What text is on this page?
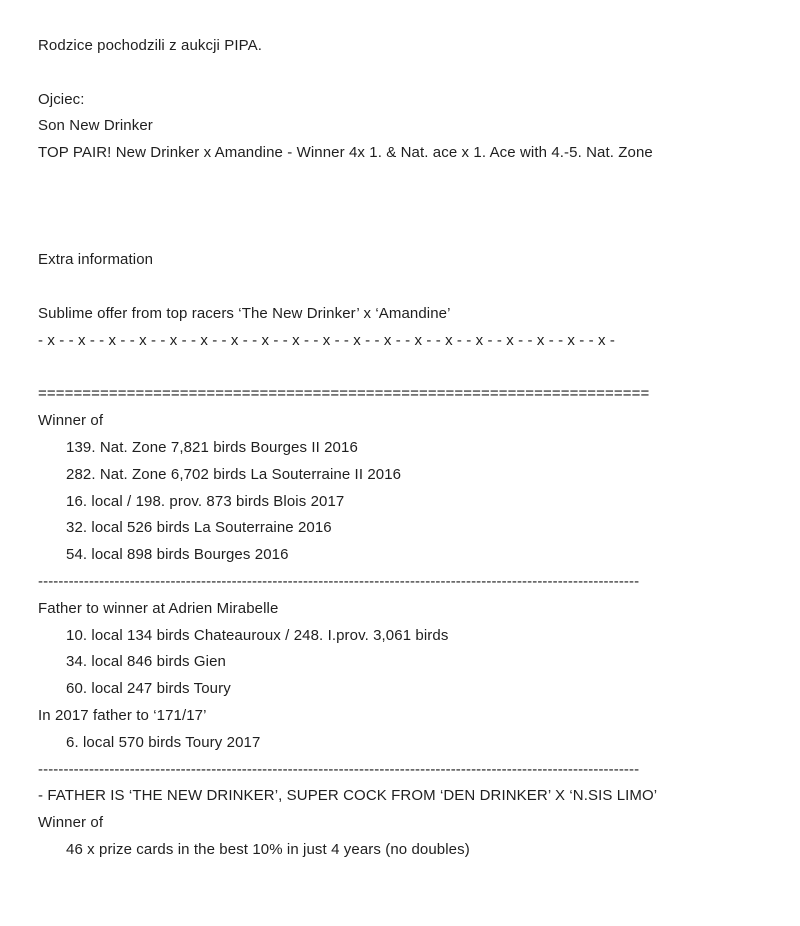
Rodzice pochodzili z aukcji PIPA.

Ojciec:
Son New Drinker
TOP PAIR! New Drinker x Amandine - Winner 4x 1. & Nat. ace x 1. Ace with 4.-5. Nat. Zone

Extra information

Sublime offer from top racers ‘The New Drinker’ x ‘Amandine’
- x - - x - - x - - x - - x - - x - - x - - x - - x - - x - - x - - x - - x - - x - - x - - x - - x - - x - - x -

=====================================================================
Winner of
139. Nat. Zone 7,821 birds Bourges II 2016
282. Nat. Zone 6,702 birds La Souterraine II 2016
16. local / 198. prov. 873 birds Blois 2017
32. local 526 birds La Souterraine 2016
54. local 898 birds Bourges 2016
----------------------------------------------------------------------------------------------------------------------
Father to winner at Adrien Mirabelle
10. local 134 birds Chateauroux / 248. I.prov. 3,061 birds
34. local 846 birds Gien
60. local 247 birds Toury
In 2017 father to ‘171/17’
6. local 570 birds Toury 2017
----------------------------------------------------------------------------------------------------------------------
- FATHER IS ‘THE NEW DRINKER’, SUPER COCK FROM ‘DEN DRINKER’ X ‘N.SIS LIMO’
Winner of
46 x prize cards in the best 10% in just 4 years (no doubles)
